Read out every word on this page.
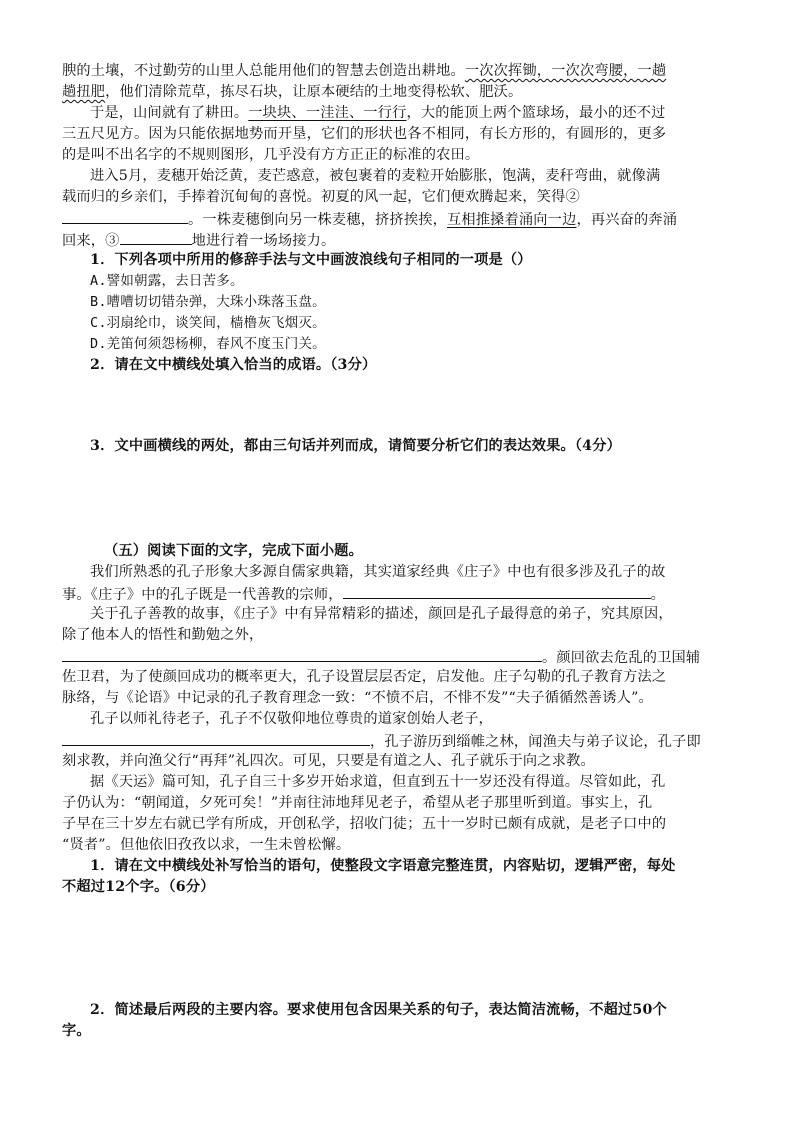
腴的土壤，不过勤劳的山里人总能用他们的智慧去创造出耕地。一次次挥锄，一次次弯腰，一趟
趟扭肥，他们清除荒草，拣尽石块，让原本硬结的土地变得松软、肥沃。
于是，山间就有了耕田。一块块、一洼洼、一行行，大的能顶上两个篮球场，最小的还不过
三五尺见方。因为只能依据地势而开垦，它们的形状也各不相同，有长方形的，有圆形的，更多
的是叫不出名字的不规则图形，几乎没有方方正正的标准的农田。
进入5月，麦穗开始泛黄，麦芒惑意，被包裹着的麦粒开始膨胀，饱满，麦秆弯曲，就像满
载而归的乡亲们，手捧着沉甸甸的喜悦。初夏的风一起，它们便欢腾起来，笑得②
。一株麦穗倒向另一株麦穗，挤挤挨挨，互相推搡着涌向一边，再兴奋的奔涌
回来，③	地进行着一场场接力。
1．下列各项中所用的修辞手法与文中画波浪线句子相同的一项是（）
A.譬如朝露，去日苦多。
B.嘈嘈切切错杂弹，大珠小珠落玉盘。
C.羽扇纶巾，谈笑间，樯橹灰飞烟灭。
D.羌笛何须怨杨柳，春风不度玉门关。
2．请在文中横线处填入恰当的成语。（3分）
3．文中画横线的两处，都由三句话并列而成，请简要分析它们的表达效果。（4分）
（五）阅读下面的文字，完成下面小题。
我们所熟悉的孔子形象大多源自儒家典籍，其实道家经典《庄子》中也有很多涉及孔子的故
事。《庄子》中的孔子既是一代善教的宗师，	。
关于孔子善教的故事，《庄子》中有异常精彩的描述，颜回是孔子最得意的弟子，究其原因，
除了他本人的悟性和勤勉之外，
。颜回欲去危乱的卫国辅
佐卫君，为了使颜回成功的概率更大，孔子设置层层否定，启发他。庄子勾勒的孔子教育方法之
脉络，与《论语》中记录的孔子教育理念一致：“不愤不启，不悱不发”“夫子循循然善诱人”。
孔子以师礼待老子，孔子不仅敬仰地位尊贵的道家创始人老子，
，孔子游历到缁帷之林，闻渔夫与弟子议论，孔子即
刻求教，并向渔父行“再拜”礼四次。可见，只要是有道之人、孔子就乐于向之求教。
据《天运》篇可知，孔子自三十多岁开始求道，但直到五十一岁还没有得道。尽管如此，孔
子仍认为：“朝闻道，夕死可矣！”并南往沛地拜见老子，希望从老子那里听到道。事实上，孔
子早在三十岁左右就已学有所成，开创私学，招收门徒；五十一岁时已颇有成就，是老子口中的
“贤者”。但他依旧孜孜以求，一生未曾松懈。
1．请在文中横线处补写恰当的语句，使整段文字语意完整连贯，内容贴切，逻辑严密，每处
不超过12个字。（6分）
2．简述最后两段的主要内容。要求使用包含因果关系的句子，表达简洁流畅，不超过50个
字。
